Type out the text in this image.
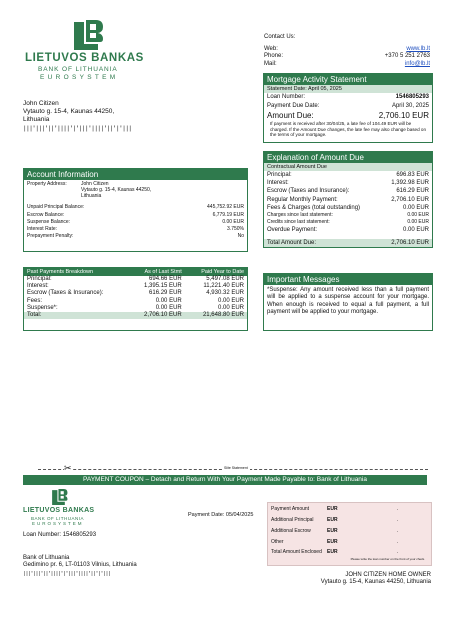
LIETUVOS BANKAS
BANK OF LITHUANIA
EUROSYSTEM
Contact Us:
Web:	www.lb.lt
Phone:	+370 5 251 2763
Mail:	info@lb.lt
John Citizen
Vytauto g. 15-4, Kaunas 44250,
Lithuania
|||'|||'||'||||'|'|||'||||'||'|'|||
Mortgage Activity Statement
Statement Date: April 05, 2025
Loan Number:	1546805293
Payment Due Date:	April 30, 2025
Amount Due:	2,706.10 EUR
If payment is received after 30/04/25, a late fee of 104.49 EUR will be charged. If the Amount Due changes, the late fee may also change based on the terms of your mortgage.
Account Information
Property Address:	John Citizen
Vytauto g. 15-4, Kaunas 44250,
Lithuania
Unpaid Principal Balance:	445,752.92 EUR
Escrow Balance:	6,779.19 EUR
Suspense Balance:	0.00 EUR
Interest Rate:	3.750%
Prepayment Penalty:	No
Explanation of Amount Due
Contractual Amount Due
Principal:	696.83 EUR
Interest:	1,392.98 EUR
Escrow (Taxes and Insurance):	616.29 EUR
Regular Monthly Payment:	2,706.10 EUR
Fees & Charges (total outstanding)	0.00 EUR
Charges since last statement:	0.00 EUR
Credits since last statement:	0.00 EUR
Overdue Payment:	0.00 EUR
Total Amount Due:	2,706.10 EUR
Past Payments Breakdown	As of Last Stmt	Paid Year to Date
Principal:	694.66 EUR	5,497.08 EUR
Interest:	1,395.15 EUR	11,221.40 EUR
Escrow (Taxes & Insurance):	616.29 EUR	4,930.32 EUR
Fees:	0.00 EUR	0.00 EUR
Suspense*:	0.00 EUR	0.00 EUR
Total:	2,706.10 EUR	21,648.80 EUR
Important Messages
*Suspense: Any amount received less than a full payment will be applied to a suspense account for your mortgage. When enough is received to equal a full payment, a full payment will be applied to your mortgage.
✂	Slite Statement
PAYMENT COUPON – Detach and Return With Your Payment Made Payable to: Bank of Lithuania
LIETUVOS BANKAS
BANK OF LITHUANIA
EUROSYSTEM
Payment Date: 05/04/2025
Loan Number: 1546805293
Payment Amount	EUR	.
Additional Principal	EUR	.
Additional Escrow	EUR	.
Other	EUR	.
Total Amount Enclosed	EUR	.
Please write the loan number on the front of your check.
Bank of Lithuania
Gedimino pr. 6, LT-01103 Vilnius, Lithuania
|||'|||'||'||||'|'|||'||||'||'|'|||	JOHN CITIZEN HOME OWNER
Vytauto g. 15-4, Kaunas 44250, Lithuania
